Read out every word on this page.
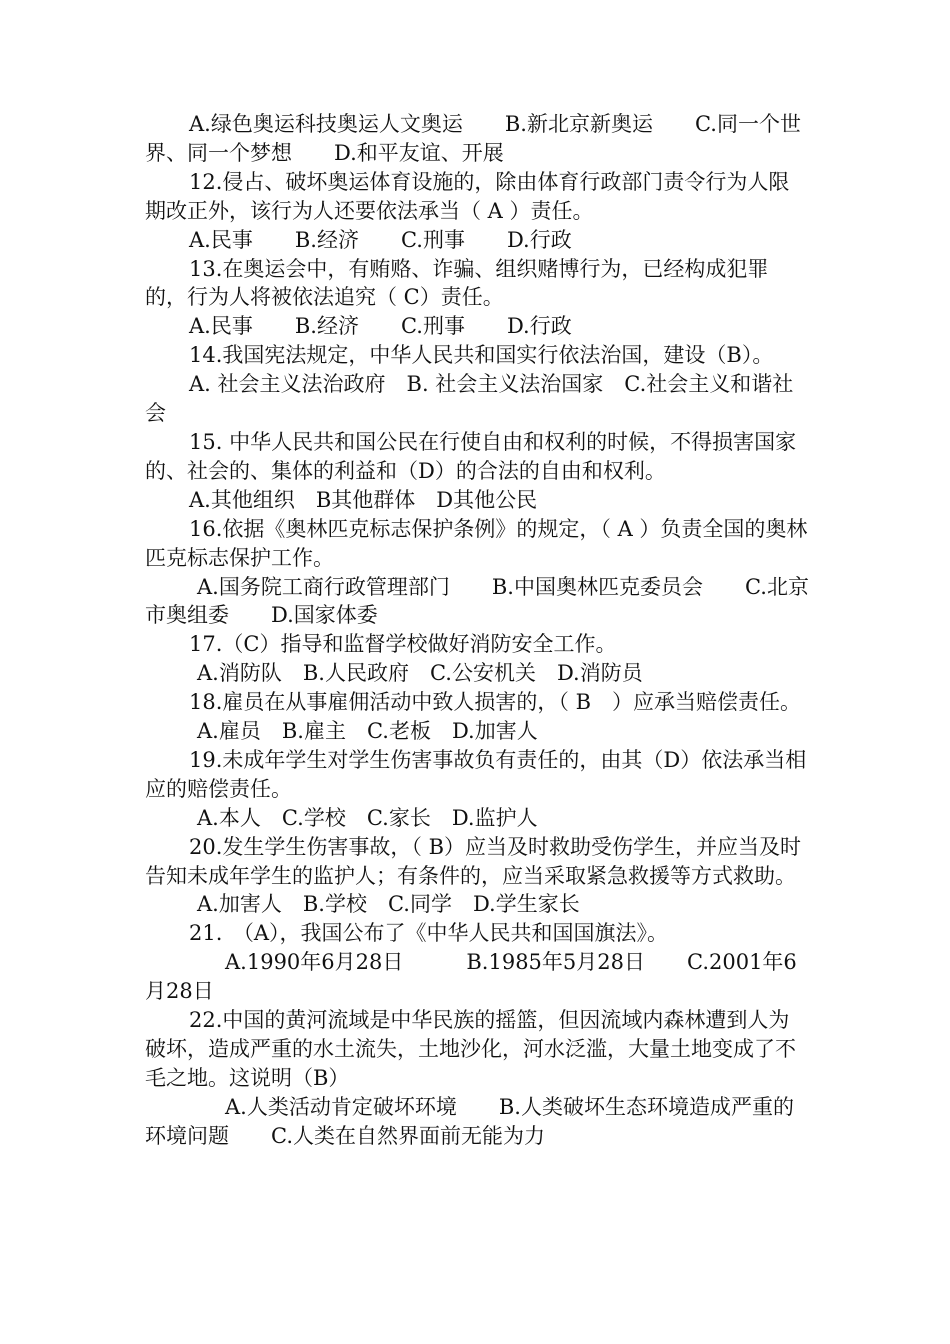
A.绿色奥运科技奥运人文奥运　　B.新北京新奥运　　C.同一个世界、同一个梦想　　D.和平友谊、开展

12.侵占、破坏奥运体育设施的，除由体育行政部门责令行为人限期改正外，该行为人还要依法承当（ A ）责任。

A.民事　　B.经济　　C.刑事　　D.行政

13.在奥运会中，有贿赂、诈骗、组织赌博行为，已经构成犯罪的，行为人将被依法追究（ C）责任。

A.民事　　B.经济　　C.刑事　　D.行政

14.我国宪法规定，中华人民共和国实行依法治国，建设（B）。

A. 社会主义法治政府　B. 社会主义法治国家　C.社会主义和谐社会

15. 中华人民共和国公民在行使自由和权利的时候，不得损害国家的、社会的、集体的利益和（D）的合法的自由和权利。

A.其他组织　B其他群体　D其他公民

16.依据《奥林匹克标志保护条例》的规定，（ A ）负责全国的奥林匹克标志保护工作。

A.国务院工商行政管理部门　　B.中国奥林匹克委员会　　C.北京市奥组委　　D.国家体委

17.（C）指导和监督学校做好消防安全工作。

A.消防队　B.人民政府　C.公安机关　D.消防员

18.雇员在从事雇佣活动中致人损害的，（ B　）应承当赔偿责任。

A.雇员　B.雇主　C.老板　D.加害人

19.未成年学生对学生伤害事故负有责任的，由其（D）依法承当相应的赔偿责任。

A.本人　C.学校　C.家长　D.监护人

20.发生学生伤害事故，（ B）应当及时救助受伤学生，并应当及时告知未成年学生的监护人；有条件的，应当采取紧急救援等方式救助。

A.加害人　B.学校　C.同学　D.学生家长

21.　（A），我国公布了《中华人民共和国国旗法》。

A.1990年6月28日　　　B.1985年5月28日　　C.2001年6月28日

22.中国的黄河流域是中华民族的摇篮，但因流域内森林遭到人为破坏，造成严重的水土流失，土地沙化，河水泛滥，大量土地变成了不毛之地。这说明（B）

A.人类活动肯定破坏环境　　B.人类破坏生态环境造成严重的环境问题　　C.人类在自然界面前无能为力
